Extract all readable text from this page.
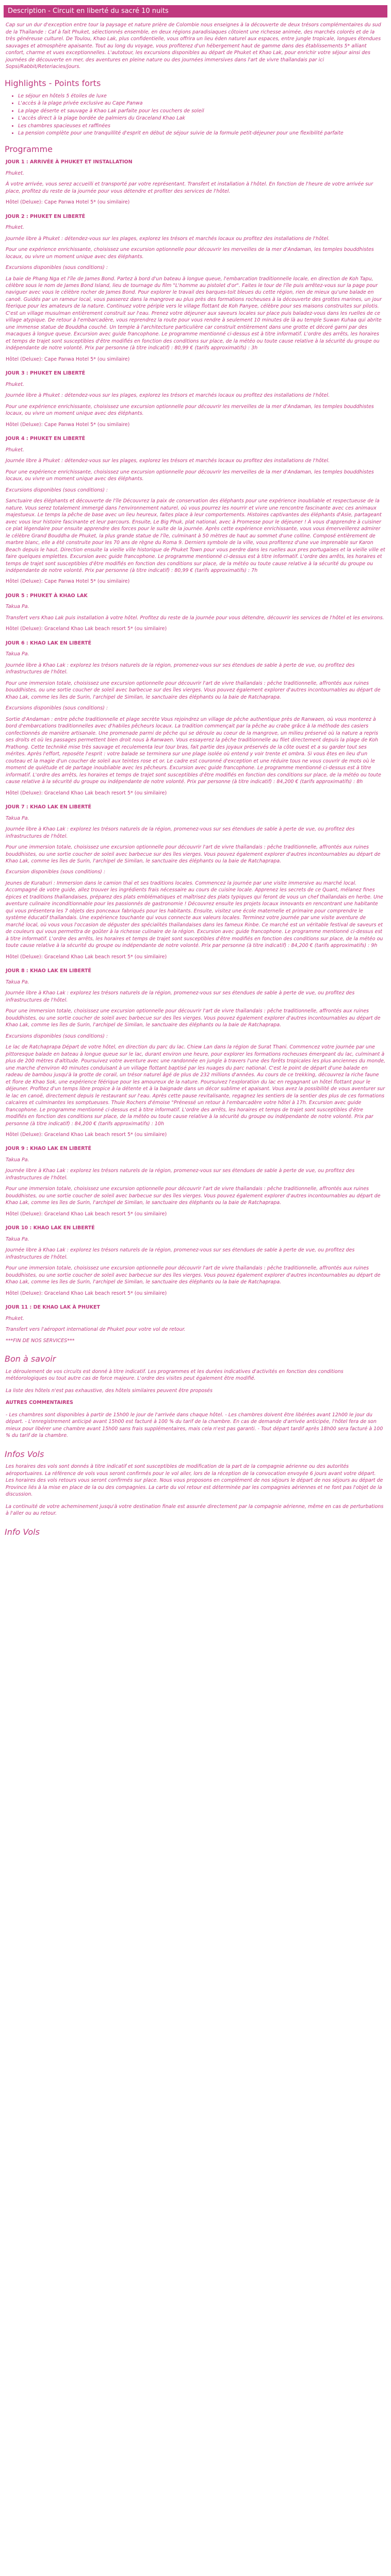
Description - Circuit en liberté du sacré 10 nuits
Cap sur un dur d'exception entre tour la paysage et nature prière de Colombie nous enseignes à la découverte de deux trésors complémentaires du sud de la Thaïlande : Caf à fait Phuket, sélectionnés ensemble, en deux régions paradisiaques côtoient une richesse animée, des marchés colorés et de la très généreuse culturel. De Toulou, Khao Lak, plus confidentielle, vous offrira un lieu éden naturel aux espaces, entre jungle tropicale, longues étendues sauvages et atmosphère apaisante. Tout au long du voyage, vous profiterez d'un hébergement haut de gamme dans des établissements 5* alliant confort, charme et vues exceptionnelles. L'autotour, les excursions disponibles au départ de Phuket et Khao Lak, pour enrichir votre séjour ainsi des journées de découverte en mer, des aventures en pleine nature ou des journées immersives dans l'art de vivre thaïlandais par ici Sopsi/Rabbit/Reteriacies/jours.
Highlights - Points forts
• Le séjour en hôtels 5 étoiles de luxe
• L'accès à la plage privée exclusive au Cape Panwa
• La plage déserte et sauvage à Khao Lak parfaite pour les couchers de soleil
• L'accès direct à la plage bordée de palmiers du Graceland Khao Lak
• Les chambres spacieuses et raffinées
• La pension complète pour une tranquillité d'esprit en début de séjour suivie de la formule petit-déjeuner pour une flexibilité parfaite
Programme
JOUR 1 : ARRIVÉE À PHUKET ET INSTALLATION

Phuket.

À votre arrivée, vous serez accueilli et transporté par votre représentant. Transfert et installation à l'hôtel. En fonction de l'heure de votre arrivée sur place, profitez du reste de la journée pour vous détendre et profiter des services de l'hôtel.

Hôtel (Deluxe): Cape Panwa Hotel 5* (ou similaire)
JOUR 2 : PHUKET EN LIBERTÉ

Phuket.

Journée libre à Phuket : détendez-vous sur les plages, explorez les trésors et marchés locaux ou profitez des installations de l'hôtel.

Pour une expérience enrichissante, choisissez une excursion optionnelle pour découvrir les merveilles de la mer d'Andaman, les temples bouddhistes locaux, ou vivre un moment unique avec des éléphants.

Excursions disponibles (sous conditions) :

La baie de Phang Nga et l'île de James Bond. Partez à bord d'un bateau à longue queue, l'embarcation traditionnelle locale, en direction de Koh Tapu, célèbre sous le nom de James Bond Island, lieu de tournage du film "L'homme au pistolet d'or". Faites le tour de l'île puis arrêtez-vous sur la page pour naviguer avec vous le célèbre rocher de James Bond. Pour explorer le travail des barques-toit bleues du cette région, rien de mieux qu'une balade en canoë. Guidés par un rameur local, vous passerez dans la mangrove au plus près des formations rocheuses à la découverte des grottes marines, un jour féerique pour les amateurs de la nature. Continuez votre périple vers le village flottant de Koh Panyee, célèbre pour ses maisons construites sur pilotis. C'est un village musulman entièrement construit sur l'eau. Prenez votre déjeuner aux saveurs locales sur place puis baladez-vous dans les ruelles de ce village atypique. De retour à l'embarcadère, vous reprendrez la route pour vous rendre à seulement 10 minutes de là au temple Suwan Kuhaa qui abrite une immense statue de Bouddha couché. Un temple à l'architecture particulière car construit entièrement dans une grotte et décoré garni par des macaques à longue queue. Excursion avec guide francophone. Le programme mentionné ci-dessus est à titre informatif. L'ordre des arrêts, les horaires et temps de trajet sont susceptibles d'être modifiés en fonction des conditions sur place, de la météo ou toute cause relative à la sécurité du groupe ou indépendante de notre volonté. Prix par personne (à titre indicatif) : 80,99 € (tarifs approximatifs) : 3h

Hôtel (Deluxe): Cape Panwa Hotel 5* (ou similaire)
JOUR 3 : PHUKET EN LIBERTÉ

Phuket.

Journée libre à Phuket : détendez-vous sur les plages, explorez les trésors et marchés locaux ou profitez des installations de l'hôtel.

Pour une expérience enrichissante, choisissez une excursion optionnelle pour découvrir les merveilles de la mer d'Andaman, les temples bouddhistes locaux, ou vivre un moment unique avec des éléphants.

Hôtel (Deluxe): Cape Panwa Hotel 5* (ou similaire)
JOUR 4 : PHUKET EN LIBERTÉ

Phuket.

Journée libre à Phuket : détendez-vous sur les plages, explorez les trésors et marchés locaux ou profitez des installations de l'hôtel.

Pour une expérience enrichissante, choisissez une excursion optionnelle pour découvrir les merveilles de la mer d'Andaman, les temples bouddhistes locaux, ou vivre un moment unique avec des éléphants.

Excursions disponibles (sous conditions) :

Sanctuaire des éléphants et découverte de l'île Découvrez la paix de conservation des éléphants pour une expérience inoubliable et respectueuse de la nature. Vous serez totalement immergé dans l'environnement naturel, où vous pourrez les nourrir et vivre une rencontre fascinante avec ces animaux majestueux. Le temps la pêche de base avec un lieu heureux, faites place à leur comportements. Histoires captivantes des éléphants d'Asie, partageant avec vous leur histoire fascinante et leur parcours. Ensuite, Le Big Phuk, plat national, avec à Promesse pour le déjeuner ! À vous d'apprendre à cuisiner ce plat légendaire pour ensuite apprendre des forces pour le suite de la journée. Après cette expérience enrichissante, vous vous émerveillerez admirer le célèbre Grand Bouddha de Phuket, la plus grande statue de l'île, culminant à 50 mètres de haut au sommet d'une colline. Composé entièrement de marbre blanc, elle a été construite pour les 70 ans de règne du Roma 9. Derniers symbole de la ville, vous profiterez d'une vue imprenable sur Karon Beach depuis le haut. Direction ensuite la vieille ville historique de Phuket Town pour vous perdre dans les ruelles aux pres portugaises et la vieille ville et faire quelques emplettes. Excursion avec guide francophone. Le programme mentionné ci-dessus est à titre informatif. L'ordre des arrêts, les horaires et temps de trajet sont susceptibles d'être modifiés en fonction des conditions sur place, de la météo ou toute cause relative à la sécurité du groupe ou indépendante de notre volonté. Prix par personne (à titre indicatif) : 80,99 € (tarifs approximatifs) : 7h

Hôtel (Deluxe): Cape Panwa Hotel 5* (ou similaire)
JOUR 5 : PHUKET À KHAO LAK

Takua Pa.

Transfert vers Khao Lak puis installation à votre hôtel. Profitez du reste de la journée pour vous détendre, découvrir les services de l'hôtel et les environs.

Hôtel (Deluxe): Graceland Khao Lak beach resort 5* (ou similaire)
JOUR 6 : KHAO LAK EN LIBERTÉ

Takua Pa.

Journée libre à Khao Lak : explorez les trésors naturels de la région, promenez-vous sur ses étendues de sable à perte de vue, ou profitez des infrastructures de l'hôtel.

Pour une immersion totale, choisissez une excursion optionnelle pour découvrir l'art de vivre thaïlandais : pêche traditionnelle, affrontés aux ruines bouddhistes, ou une sortie coucher de soleil avec barbecue sur des îles vierges. Vous pouvez également explorer d'autres incontournables au départ de Khao Lak, comme les îles de Surin, l'archipel de Similan, le sanctuaire des éléphants ou la baie de Ratchaprapa.

Excursions disponibles (sous conditions) :

Sortie d'Andaman : entre pêche traditionnelle et plage secrète Vous rejoindrez un village de pêche authentique près de Ranwaen, où vous monterez à bord d'embarcations traditionnelles avec d'habiles pêcheurs locaux. La tradition commençait par la pêche au crabe grâce à la méthode des casiers confectionnés de manière artisanale. Une promenade parmi de pêche qui se déroule au coeur de la mangrove, un milieu préservé où la nature a repris ses droits et où les passages permettent bien droit nous à Ranwaen. Vous essayerez la pêche traditionnelle au filet directement depuis la plage de Koh Prathong. Cette techniké mise très sauvage et reculementa leur tour bras, fait partie des joyaux préservés de la côte ouest et a su garder tout ses mérites. Après l'effort, reposéte l'esprit : votre balade se terminera sur une plage isolée où entend y voir trente et ombra. Si vous êtes en lieu d'un couteau et la magie d'un coucher de soleil aux teintes rose et or. Le cadre est couronné d'exception et une réduire tous ne vous couvrir de mots où le moment de quiétude et de partage inoubliable avec les pêcheurs. Excursion avec guide francophone. Le programme mentionné ci-dessus est à titre informatif. L'ordre des arrêts, les horaires et temps de trajet sont susceptibles d'être modifiés en fonction des conditions sur place, de la météo ou toute cause relative à la sécurité du groupe ou indépendante de notre volonté. Prix par personne (à titre indicatif) : 84,200 € (tarifs approximatifs) : 8h

Hôtel (Deluxe): Graceland Khao Lak beach resort 5* (ou similaire)
JOUR 7 : KHAO LAK EN LIBERTÉ

Takua Pa.

Journée libre à Khao Lak : explorez les trésors naturels de la région, promenez-vous sur ses étendues de sable à perte de vue, ou profitez des infrastructures de l'hôtel.

Pour une immersion totale, choisissez une excursion optionnelle pour découvrir l'art de vivre thaïlandais : pêche traditionnelle, affrontés aux ruines bouddhistes, ou une sortie coucher de soleil avec barbecue sur des îles vierges. Vous pouvez également explorer d'autres incontournables au départ de Khao Lak, comme les îles de Surin, l'archipel de Similan, le sanctuaire des éléphants ou la baie de Ratchaprapa.

Excursion disponibles (sous conditions) :

Jeunes de Kuraburi : Immersion dans le camion thaï et ses traditions locales. Commencez la journée par une visite immersive au marché local. Accompagné de votre guide, allez trouver les ingrédients frais nécessaire au cours de cuisine locale. Apprenez les secrets de ce Quant, mélanez fines épices et traditions thaïlandaises, préparez des plats emblématiques et maîtrisez des plats typiques qui feront de vous un chef thaïlandais en herbe. Une aventure culinaire inconditionnable pour les passionnés de gastronomie ! Découvrez ensuite les projets locaux innovants en rencontrant une habitante qui vous présentera les 7 objets des ponceaux fabriqués pour les habitants. Ensuite, visitez une école maternelle et primaire pour comprendre le système éducatif thaïlandais. Une expérience touchante qui vous connecte aux valeurs locales. Terminez votre journée par une visite aventure de marché local, où vous vous l'occasion de déguster des spécialités thaïlandaises dans les fameux Rinbe. Ce marché est un véritable festival de saveurs et de couleurs qui vous permettra de goûter à la richesse culinaire de la région. Excursion avec guide francophone. Le programme mentionné ci-dessus est à titre informatif. L'ordre des arrêts, les horaires et temps de trajet sont susceptibles d'être modifiés en fonction des conditions sur place, de la météo ou toute cause relative à la sécurité du groupe ou indépendante de notre volonté. Prix par personne (à titre indicatif) : 84,200 € (tarifs approximatifs) : 9h

Hôtel (Deluxe): Graceland Khao Lak beach resort 5* (ou similaire)
JOUR 8 : KHAO LAK EN LIBERTÉ

Takua Pa.

Journée libre à Khao Lak : explorez les trésors naturels de la région, promenez-vous sur ses étendues de sable à perte de vue, ou profitez des infrastructures de l'hôtel.

Pour une immersion totale, choisissez une excursion optionnelle pour découvrir l'art de vivre thaïlandais : pêche traditionnelle, affrontés aux ruines bouddhistes, ou une sortie coucher de soleil avec barbecue sur des îles vierges. Vous pouvez également explorer d'autres incontournables au départ de Khao Lak, comme les îles de Surin, l'archipel de Similan, le sanctuaire des éléphants ou la baie de Ratchaprapa.

Excursions disponibles (sous conditions) :

Le lac de Ratchaprapa Départ de votre hôtel, en direction du parc du lac. Chiew Lan dans la région de Surat Thani. Commencez votre journée par une pittoresque balade en bateau à longue queue sur le lac, durant environ une heure, pour explorer les formations rocheuses émergeant du lac, culminant à plus de 200 mètres d'altitude. Poursuivez votre aventure avec une randonnée en jungle à travers l'une des forêts tropicales les plus anciennes du monde, une marche d'environ 40 minutes conduisant à un village flottant baptisé par les nuages du parc national. C'est le point de départ d'une balade en radeau de bambou jusqu'à la grotte de corail, un trésor naturel âgé de plus de 232 millions d'années. Au cours de ce trekking, découvrez la riche faune et flore de Khao Sok, une expérience féérique pour les amoureux de la nature. Poursuivez l'exploration du lac en regagnant un hôtel flottant pour le déjeuner. Profitez d'un temps libre propice à la détente et à la baignade dans un décor sublime et apaisant. Vous avez la possibilité de vous aventurer sur le lac en canoë, directement depuis le restaurant sur l'eau. Après cette pause revitalisante, regagnez les sentiers de la sentier des plus de ces formations calcaires et culminantes les somptueuses. Thuie Rochers d'émoise "Prénessé un retour à l'embarcadère votre hôtel à 17h. Excursion avec guide francophone. Le programme mentionné ci-dessus est à titre informatif. L'ordre des arrêts, les horaires et temps de trajet sont susceptibles d'être modifiés en fonction des conditions sur place, de la météo ou toute cause relative à la sécurité du groupe ou indépendante de notre volonté. Prix par personne (à titre indicatif) : 84,200 € (tarifs approximatifs) : 10h

Hôtel (Deluxe): Graceland Khao Lak beach resort 5* (ou similaire)
JOUR 9 : KHAO LAK EN LIBERTÉ

Takua Pa.

Journée libre à Khao Lak : explorez les trésors naturels de la région, promenez-vous sur ses étendues de sable à perte de vue, ou profitez des infrastructures de l'hôtel.

Pour une immersion totale, choisissez une excursion optionnelle pour découvrir l'art de vivre thaïlandais : pêche traditionnelle, affrontés aux ruines bouddhistes, ou une sortie coucher de soleil avec barbecue sur des îles vierges. Vous pouvez également explorer d'autres incontournables au départ de Khao Lak, comme les îles de Surin, l'archipel de Similan, le sanctuaire des éléphants ou la baie de Ratchaprapa.

Hôtel (Deluxe): Graceland Khao Lak beach resort 5* (ou similaire)
JOUR 10 : KHAO LAK EN LIBERTÉ

Takua Pa.

Journée libre à Khao Lak : explorez les trésors naturels de la région, promenez-vous sur ses étendues de sable à perte de vue, ou profitez des infrastructures de l'hôtel.

Pour une immersion totale, choisissez une excursion optionnelle pour découvrir l'art de vivre thaïlandais : pêche traditionnelle, affrontés aux ruines bouddhistes, ou une sortie coucher de soleil avec barbecue sur des îles vierges. Vous pouvez également explorer d'autres incontournables au départ de Khao Lak, comme les îles de Surin, l'archipel de Similan, le sanctuaire des éléphants ou la baie de Ratchaprapa.

Hôtel (Deluxe): Graceland Khao Lak beach resort 5* (ou similaire)
JOUR 11 : DE KHAO LAK À PHUKET

Phuket.

Transfert vers l'aéroport international de Phuket pour votre vol de retour.

***FIN DE NOS SERVICES***

Bon à savoir

Le déroulement de vos circuits est donné à titre indicatif. Les programmes et les durées indicatives d'activités en fonction des conditions météorologiques ou tout autre cas de force majeure. L'ordre des visites peut également être modifié.

La liste des hôtels n'est pas exhaustive, des hôtels similaires peuvent être proposés

AUTRES COMMENTAIRES

- Les chambres sont disponibles à partir de 15h00 le jour de l'arrivée dans chaque hôtel. - Les chambres doivent être libérées avant 12h00 le jour du départ. - L'enregistrement anticipé avant 15h00 est facturé à 100 % du tarif de la chambre. En cas de demande d'arrivée anticipée, l'hôtel fera de son mieux pour libérer une chambre avant 15h00 sans frais supplémentaires, mais cela n'est pas garanti. - Tout départ tardif après 18h00 sera facturé à 100 % du tarif de la chambre.

Infos Vols

Les horaires des vols sont donnés à titre indicatif et sont susceptibles de modification de la part de la compagnie aérienne ou des autorités aéroportuaires. La référence de vols vous seront confirmés pour le vol aller, lors de la réception de la convocation envoyée 6 jours avant votre départ. Les horaires des vols retours vous seront confirmés sur place. Nous vous proposons en complément de nos séjours le départ de nos séjours au départ de Province liés à la mise en place de la ou des compagnies. La carte du vol retour est déterminée par les compagnies aériennes et ne font pas l'objet de la discussion.

La continuité de votre acheminement jusqu'à votre destination finale est assurée directement par la compagnie aérienne, même en cas de perturbations à l'aller ou au retour.

Info Vols
